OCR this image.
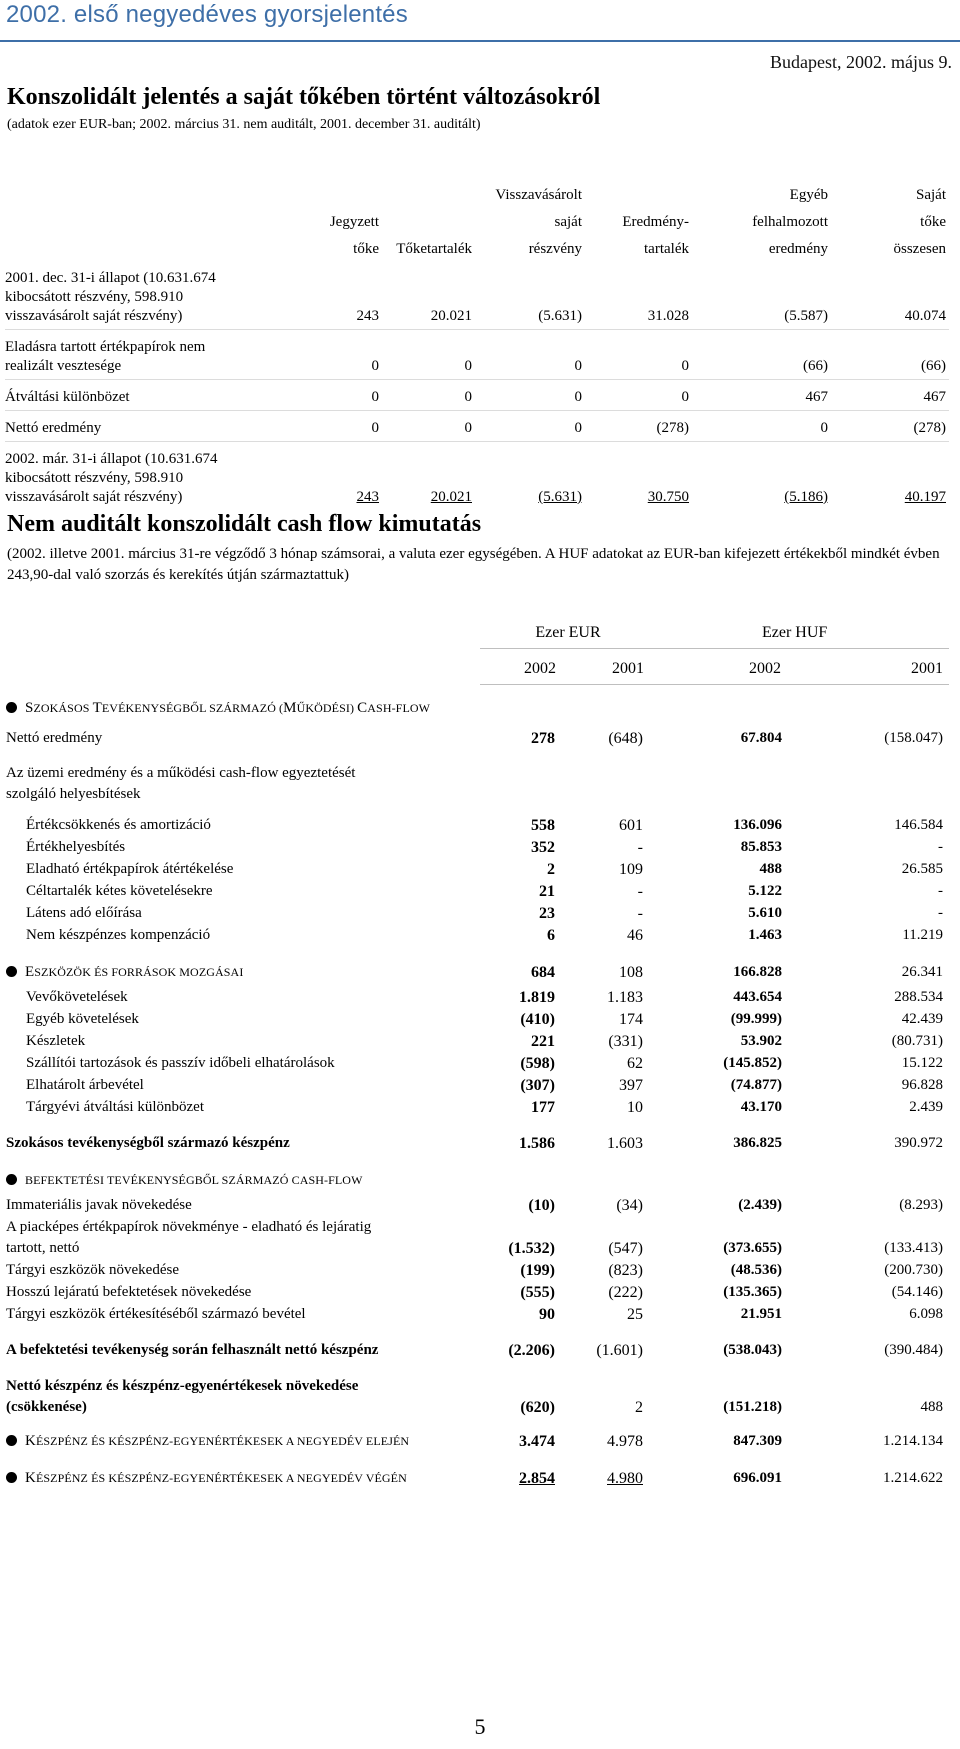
2002. első negyedéves gyorsjelentés
Budapest, 2002. május 9.
Konszolidált jelentés a saját tőkében történt változásokról
(adatok ezer EUR-ban; 2002. március 31. nem auditált, 2001. december 31. auditált)
			Visszavásárolt		Egyéb	Saját
	Jegyzett		saját	Eredmény-	felhalmozott	tőke
	tőke	Tőketartalék	részvény	tartalék	eredmény	összesen

2001. dec. 31-i állapot (10.631.674
kibocsátott részvény, 598.910
visszavásárolt saját részvény)	243	20.021	(5.631)	31.028	(5.587)	40.074

Eladásra tartott értékpapírok nem
realizált vesztesége	0	0	0	0	(66)	(66)

Átváltási különbözet	0	0	0	0	467	467

Nettó eredmény	0	0	0	(278)	0	(278)

2002. már. 31-i állapot (10.631.674
kibocsátott részvény, 598.910
visszavásárolt saját részvény)	243	20.021	(5.631)	30.750	(5.186)	40.197
Nem auditált konszolidált cash flow kimutatás
(2002. illetve 2001. március 31-re végződő 3 hónap számsorai, a valuta ezer egységében. A HUF adatokat az EUR-ban kifejezett értékekből mindkét évben 243,90-dal való szorzás és kerekítés útján származtattuk)
	Ezer EUR		Ezer HUF	

	2002	2001	2002	2001

SZOKÁSOS TEVÉKENYSÉGBŐL SZÁRMAZÓ (MŰKÖDÉSI) CASH-FLOW				

Nettó eredmény	278	(648)	67.804	(158.047)

Az üzemi eredmény és a működési cash-flow egyeztetését szolgáló helyesbítések				

Értékcsökkenés és amortizáció	558	601	136.096	146.584

Értékhelyesbítés	352	-	85.853	-

Eladható értékpapírok átértékelése	2	109	488	26.585

Céltartalék kétes követelésekre	21	-	5.122	-

Látens adó előírása	23	-	5.610	-

Nem készpénzes kompenzáció	6	46	1.463	11.219

ESZKÖZÖK ÉS FORRÁSOK MOZGÁSAI	684	108	166.828	26.341

Vevőkövetelések	1.819	1.183	443.654	288.534

Egyéb követelések	(410)	174	(99.999)	42.439

Készletek	221	(331)	53.902	(80.731)

Szállítói tartozások és passzív időbeli elhatárolások	(598)	62	(145.852)	15.122

Elhatárolt árbevétel	(307)	397	(74.877)	96.828

Tárgyévi átváltási különbözet	177	10	43.170	2.439

Szokásos tevékenységből származó készpénz	1.586	1.603	386.825	390.972

BEFEKTETÉSI TEVÉKENYSÉGBŐL SZÁRMAZÓ CASH-FLOW				

Immateriális javak növekedése	(10)	(34)	(2.439)	(8.293)

A piacképes értékpapírok növekménye - eladható és lejáratig tartott, nettó	(1.532)	(547)	(373.655)	(133.413)

Tárgyi eszközök növekedése	(199)	(823)	(48.536)	(200.730)

Hosszú lejáratú befektetések növekedése	(555)	(222)	(135.365)	(54.146)

Tárgyi eszközök értékesítéséből származó bevétel	90	25	21.951	6.098

A befektetési tevékenység során felhasznált nettó készpénz	(2.206)	(1.601)	(538.043)	(390.484)

Nettó készpénz és készpénz-egyenértékesek növekedése (csökkenése)	(620)	2	(151.218)	488

KÉSZPÉNZ ÉS KÉSZPÉNZ-EGYENÉRTÉKESEK A NEGYEDÉV ELEJÉN	3.474	4.978	847.309	1.214.134

KÉSZPÉNZ ÉS KÉSZPÉNZ-EGYENÉRTÉKESEK A NEGYEDÉV VÉGÉN	2.854	4.980	696.091	1.214.622
5
